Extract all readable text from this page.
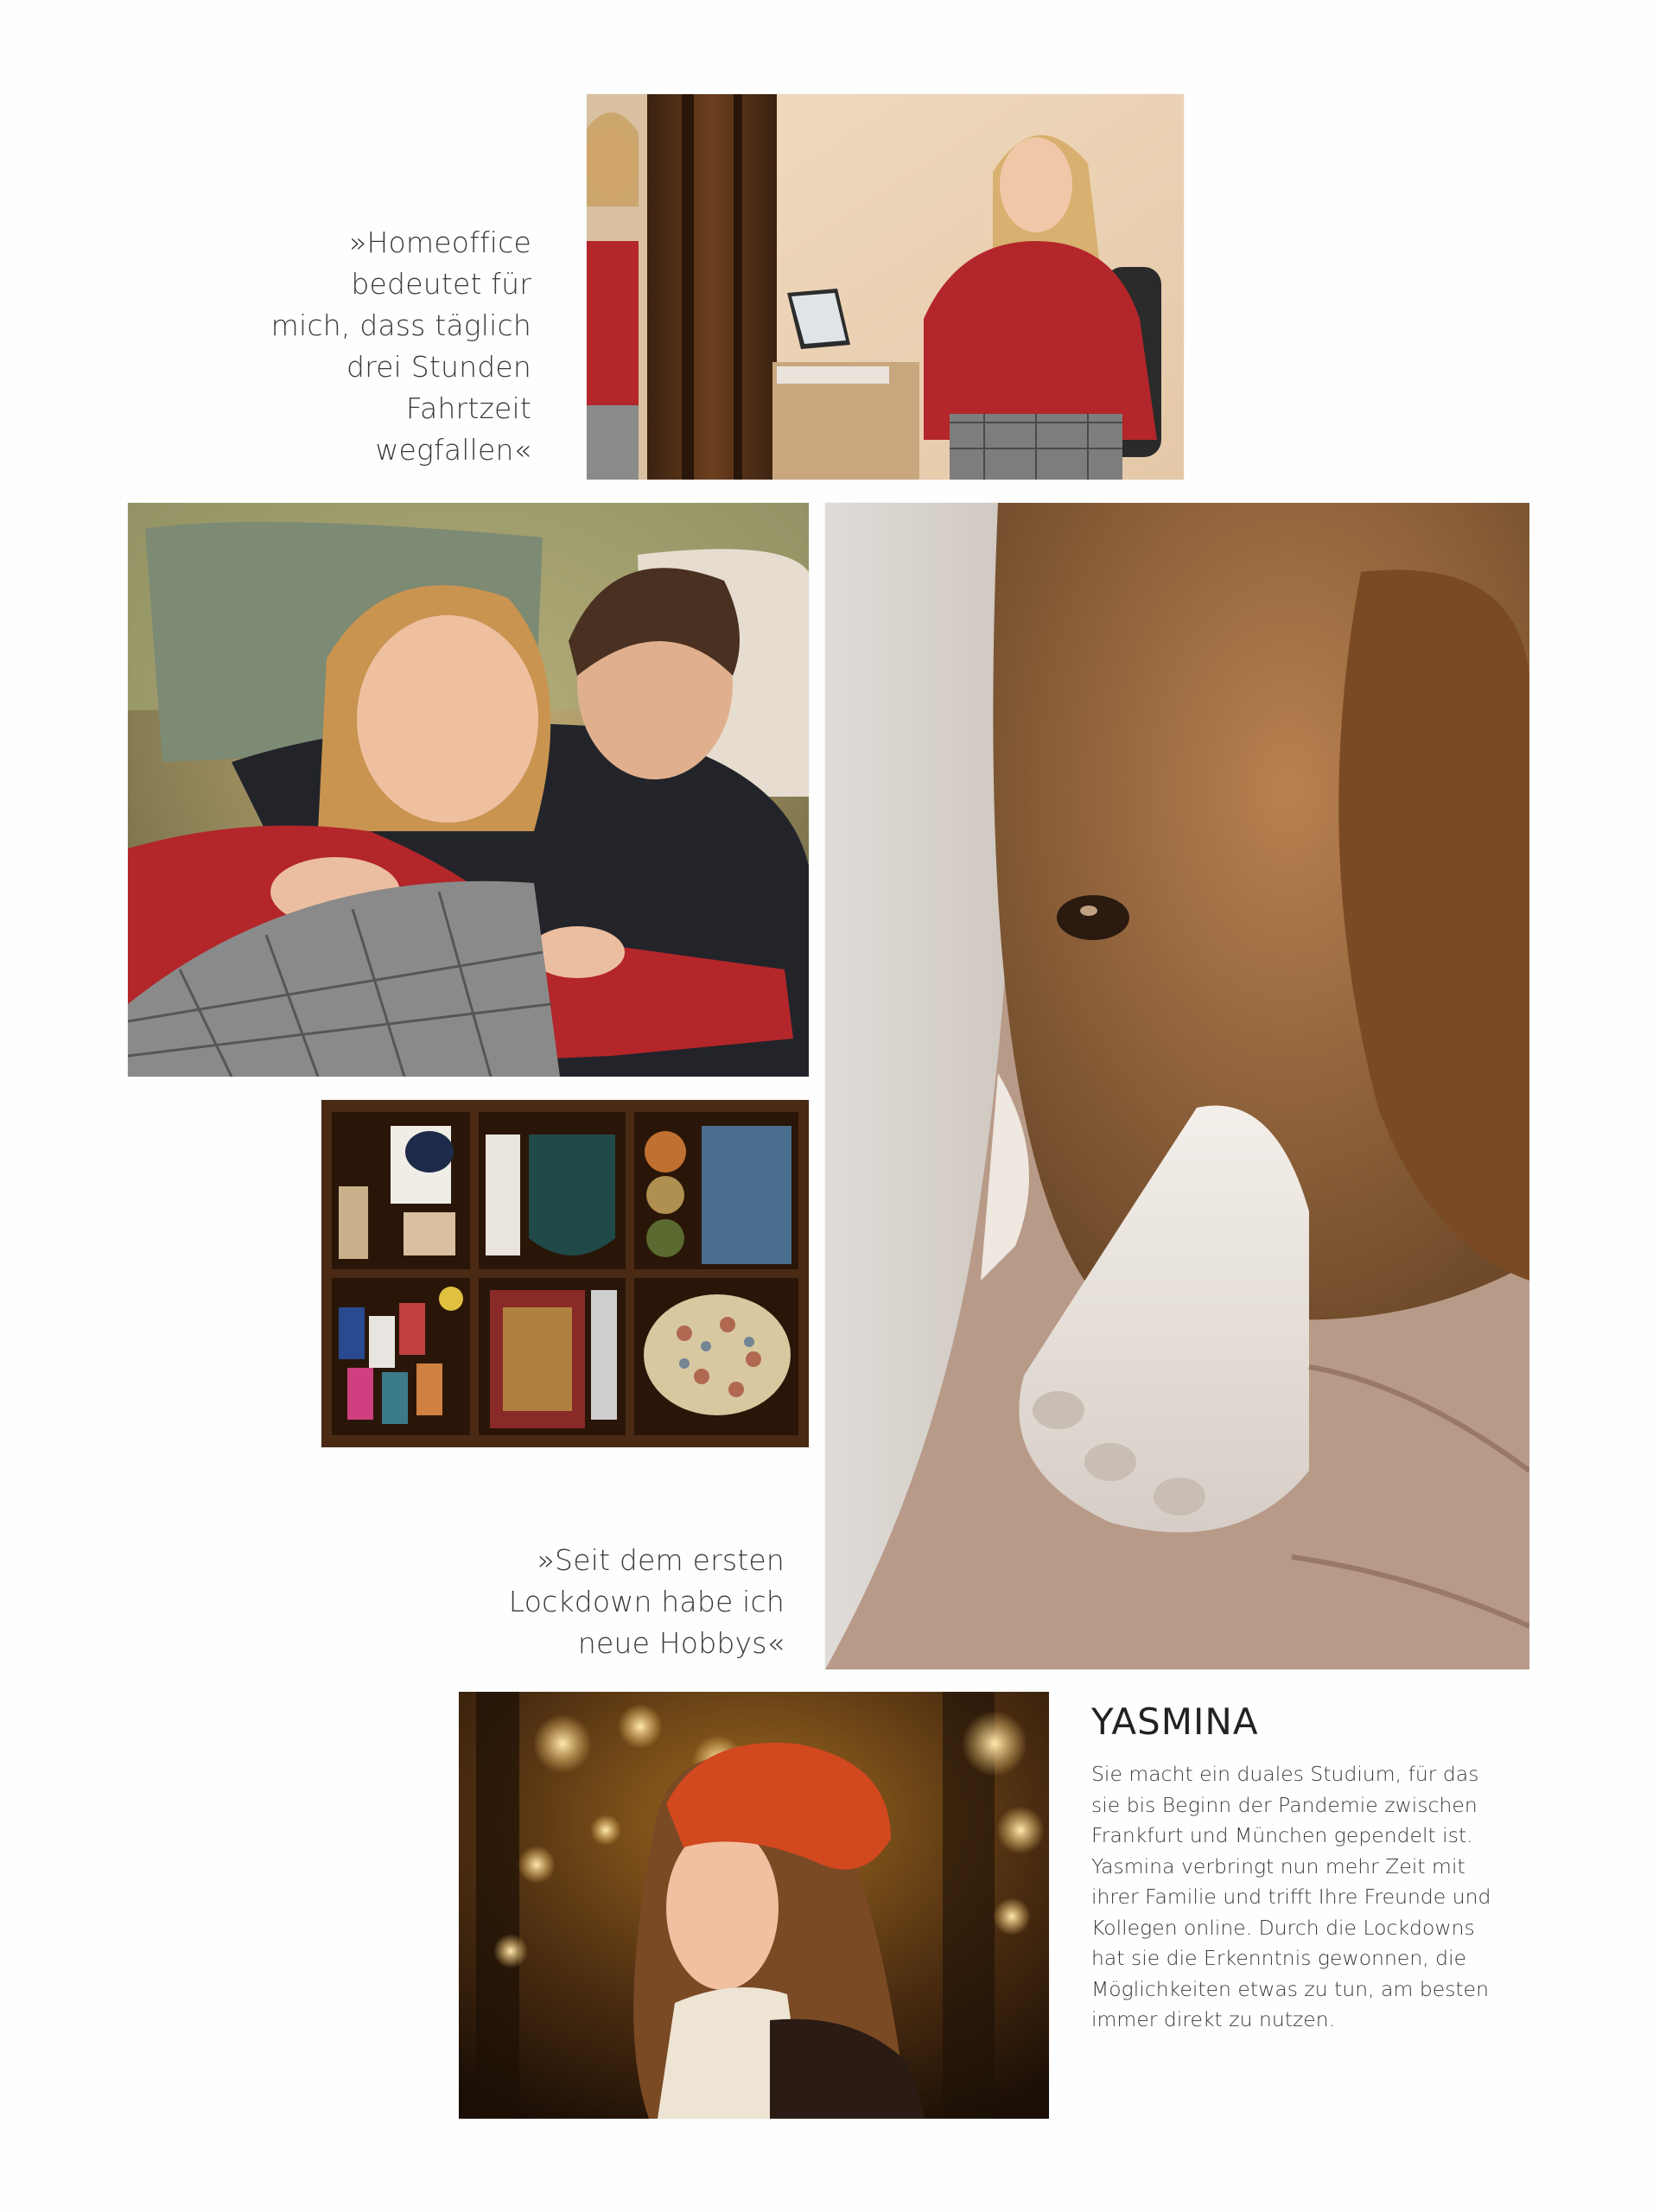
»Homeoffice
bedeutet für
mich, dass täglich
drei Stunden
Fahrtzeit
wegfallen«
»Seit dem ersten
Lockdown habe ich
neue Hobbys«
YASMINA
Sie macht ein duales Studium, für das
sie bis Beginn der Pandemie zwischen
Frankfurt und München gependelt ist.
Yasmina verbringt nun mehr Zeit mit
ihrer Familie und trifft Ihre Freunde und
Kollegen online. Durch die Lockdowns
hat sie die Erkenntnis gewonnen, die
Möglichkeiten etwas zu tun, am besten
immer direkt zu nutzen.
